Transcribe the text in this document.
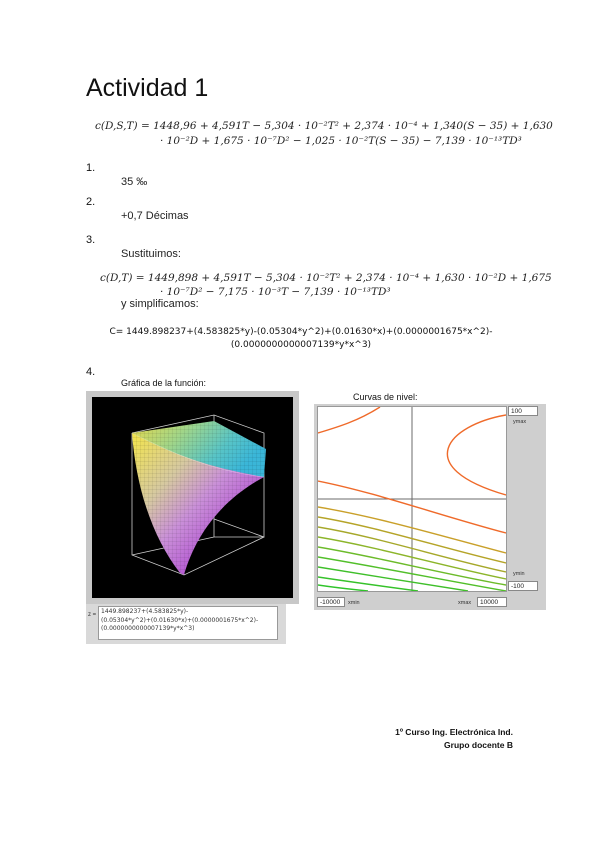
Actividad 1
c(D,S,T) = 1448,96 + 4,591T − 5,304 · 10⁻²T² + 2,374 · 10⁻⁴ + 1,340(S − 35) + 1,630
· 10⁻²D + 1,675 · 10⁻⁷D² − 1,025 · 10⁻²T(S − 35) − 7,139 · 10⁻¹³TD³
1.
35 ‰
2.
+0,7 Décimas
3.
Sustituimos:
c(D,T) = 1449,898 + 4,591T − 5,304 · 10⁻²T² + 2,374 · 10⁻⁴ + 1,630 · 10⁻²D + 1,675
· 10⁻⁷D² − 7,175 · 10⁻³T − 7,139 · 10⁻¹³TD³
y simplificamos:
C= 1449.898237+(4.583825*y)-(0.05304*y^2)+(0.01630*x)+(0.0000001675*x^2)-
(0.0000000000007139*y*x^3)
4.
Gráfica de la función:
Curvas de nivel:
z = 1449.898237+(4.583825*y)-
(0.05304*y^2)+(0.01630*x)+(0.0000001675*x^2)-
(0.0000000000007139*y*x^3)
100
ymax
ymin
-100
-10000	xmin	xmax	10000
1º Curso Ing. Electrónica Ind.
Grupo docente B
